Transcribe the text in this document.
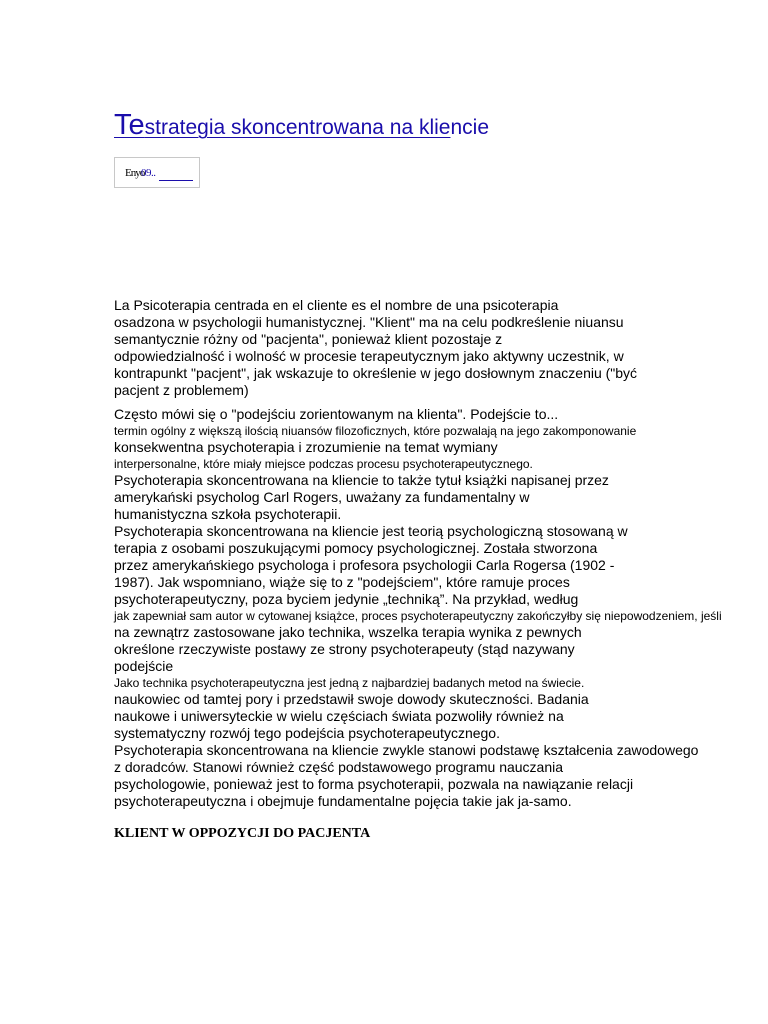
Testrategia skoncentrowana na kliencie
Enyo
09..
La Psicoterapia centrada en el cliente es el nombre de una psicoterapia
osadzona w psychologii humanistycznej. "Klient" ma na celu podkreślenie niuansu
semantycznie różny od "pacjenta", ponieważ klient pozostaje z
odpowiedzialność i wolność w procesie terapeutycznym jako aktywny uczestnik, w
kontrapunkt "pacjent", jak wskazuje to określenie w jego dosłownym znaczeniu ("być
pacjent z problemem)
Często mówi się o "podejściu zorientowanym na klienta". Podejście to...
termin ogólny z większą ilością niuansów filozoficznych, które pozwalają na jego zakomponowanie
konsekwentna psychoterapia i zrozumienie na temat wymiany
interpersonalne, które miały miejsce podczas procesu psychoterapeutycznego.
Psychoterapia skoncentrowana na kliencie to także tytuł książki napisanej przez
amerykański psycholog Carl Rogers, uważany za fundamentalny w
humanistyczna szkoła psychoterapii.
Psychoterapia skoncentrowana na kliencie jest teorią psychologiczną stosowaną w
terapia z osobami poszukującymi pomocy psychologicznej. Została stworzona
przez amerykańskiego psychologa i profesora psychologii Carla Rogersa (1902 -
1987). Jak wspomniano, wiąże się to z "podejściem", które ramuje proces
psychoterapeutyczny, poza byciem jedynie „techniką”. Na przykład, według
jak zapewniał sam autor w cytowanej książce, proces psychoterapeutyczny zakończyłby się niepowodzeniem, jeśli
na zewnątrz zastosowane jako technika, wszelka terapia wynika z pewnych
określone rzeczywiste postawy ze strony psychoterapeuty (stąd nazywany
podejście
Jako technika psychoterapeutyczna jest jedną z najbardziej badanych metod na świecie.
naukowiec od tamtej pory i przedstawił swoje dowody skuteczności. Badania
naukowe i uniwersyteckie w wielu częściach świata pozwoliły również na
systematyczny rozwój tego podejścia psychoterapeutycznego.
Psychoterapia skoncentrowana na kliencie zwykle stanowi podstawę kształcenia zawodowego
z doradców. Stanowi również część podstawowego programu nauczania
psychologowie, ponieważ jest to forma psychoterapii, pozwala na nawiązanie relacji
psychoterapeutyczna i obejmuje fundamentalne pojęcia takie jak ja-samo.
KLIENT W OPPOZYCJI DO PACJENTA
